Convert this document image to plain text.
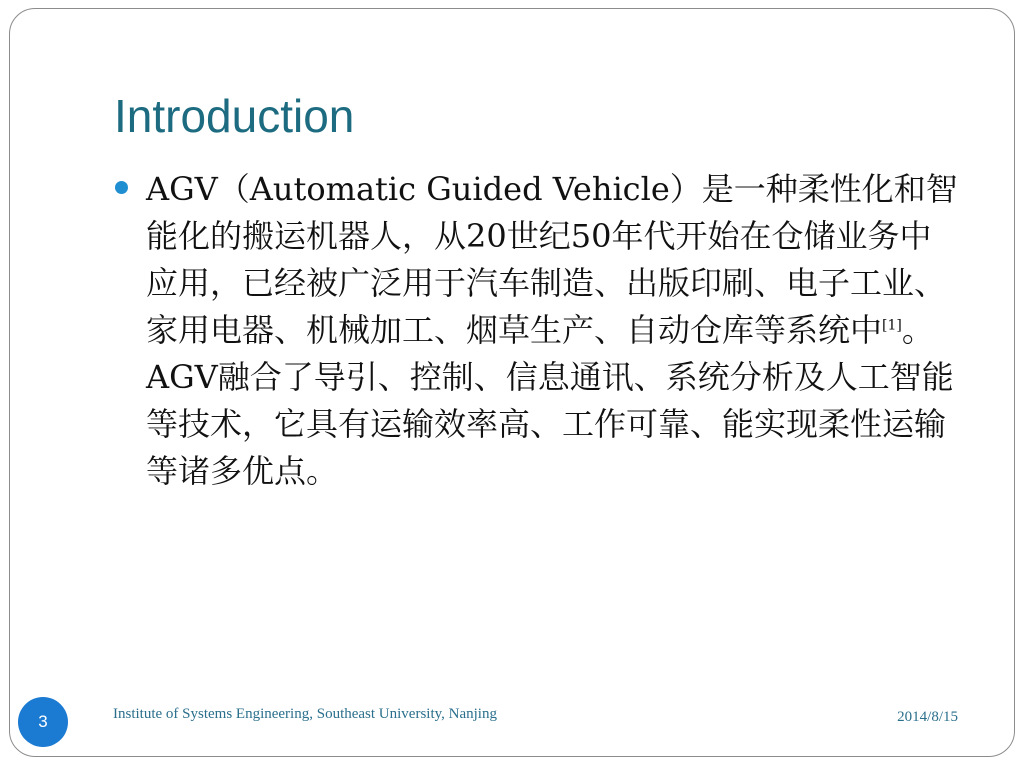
Introduction
AGV（Automatic Guided Vehicle）是一种柔性化和智能化的搬运机器人，从20世纪50年代开始在仓储业务中应用，已经被广泛用于汽车制造、出版印刷、电子工业、家用电器、机械加工、烟草生产、自动仓库等系统中[1]。AGV融合了导引、控制、信息通讯、系统分析及人工智能等技术，它具有运输效率高、工作可靠、能实现柔性运输等诸多优点。
3	Institute of Systems Engineering, Southeast University, Nanjing	2014/8/15
